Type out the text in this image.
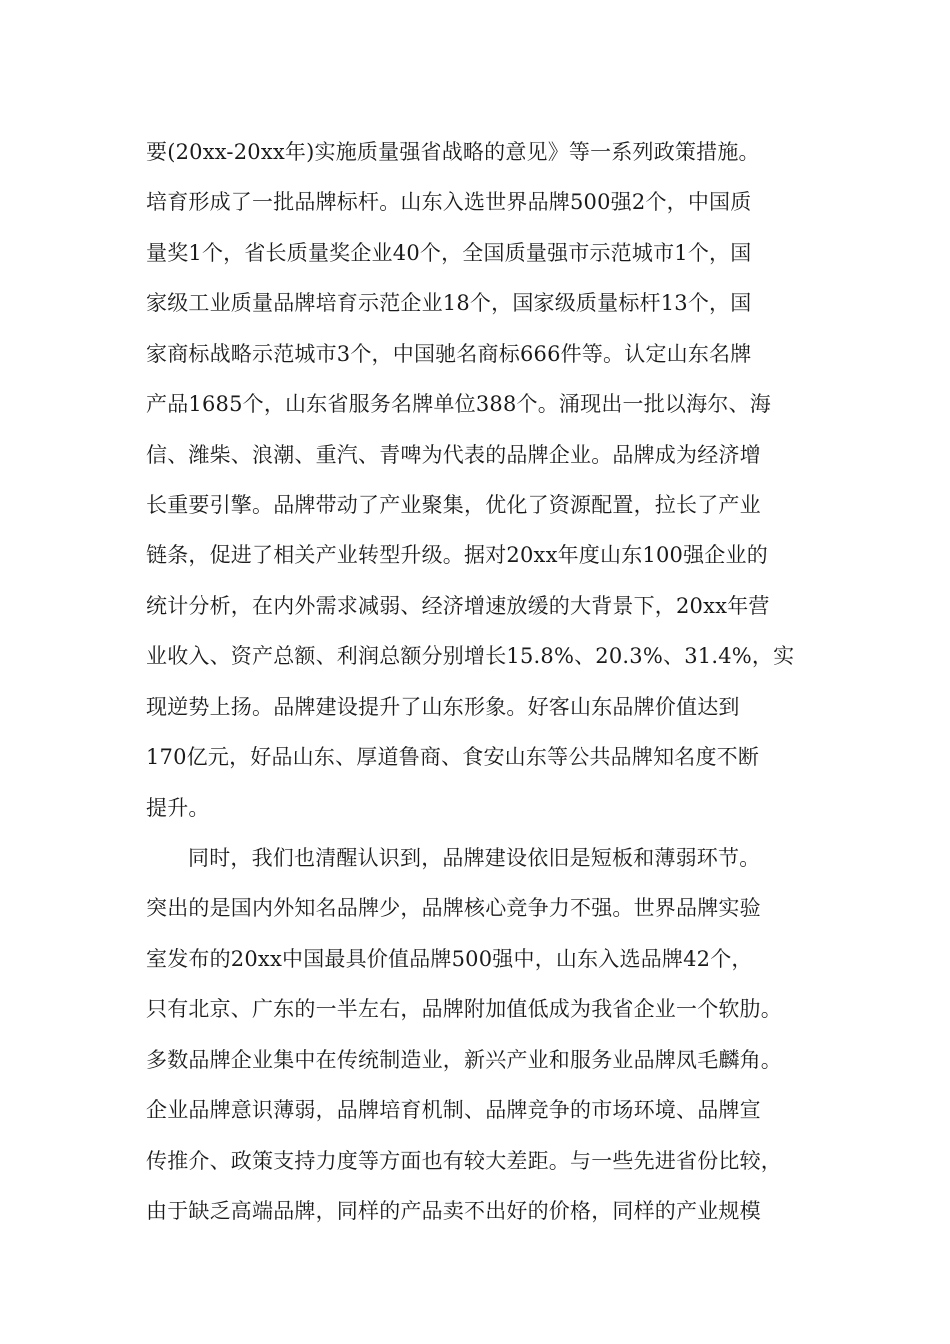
要(20xx-20xx年)实施质量强省战略的意见》等一系列政策措施。
培育形成了一批品牌标杆。山东入选世界品牌500强2个，中国质
量奖1个，省长质量奖企业40个，全国质量强市示范城市1个，国
家级工业质量品牌培育示范企业18个，国家级质量标杆13个，国
家商标战略示范城市3个，中国驰名商标666件等。认定山东名牌
产品1685个，山东省服务名牌单位388个。涌现出一批以海尔、海
信、潍柴、浪潮、重汽、青啤为代表的品牌企业。品牌成为经济增
长重要引擎。品牌带动了产业聚集，优化了资源配置，拉长了产业
链条，促进了相关产业转型升级。据对20xx年度山东100强企业的
统计分析，在内外需求减弱、经济增速放缓的大背景下，20xx年营
业收入、资产总额、利润总额分别增长15.8%、20.3%、31.4%，实
现逆势上扬。品牌建设提升了山东形象。好客山东品牌价值达到
170亿元，好品山东、厚道鲁商、食安山东等公共品牌知名度不断
提升。
同时，我们也清醒认识到，品牌建设依旧是短板和薄弱环节。
突出的是国内外知名品牌少，品牌核心竞争力不强。世界品牌实验
室发布的20xx中国最具价值品牌500强中，山东入选品牌42个，
只有北京、广东的一半左右，品牌附加值低成为我省企业一个软肋。
多数品牌企业集中在传统制造业，新兴产业和服务业品牌凤毛麟角。
企业品牌意识薄弱，品牌培育机制、品牌竞争的市场环境、品牌宣
传推介、政策支持力度等方面也有较大差距。与一些先进省份比较，
由于缺乏高端品牌，同样的产品卖不出好的价格，同样的产业规模
